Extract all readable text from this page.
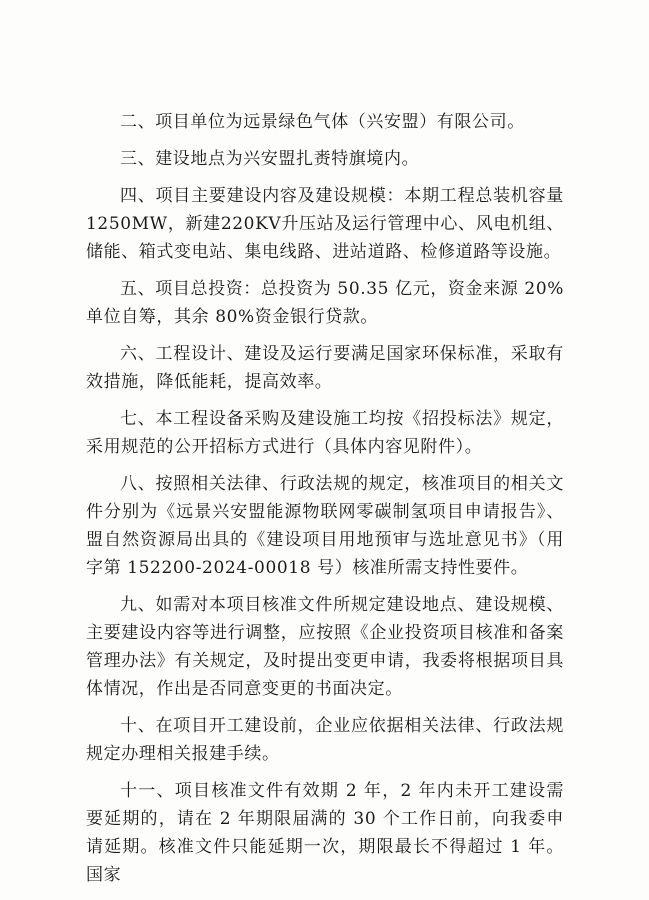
二、项目单位为远景绿色气体（兴安盟）有限公司。

三、建设地点为兴安盟扎赉特旗境内。

四、项目主要建设内容及建设规模：本期工程总装机容量1250MW，新建220KV升压站及运行管理中心、风电机组、储能、箱式变电站、集电线路、进站道路、检修道路等设施。

五、项目总投资：总投资为 50.35 亿元，资金来源 20%单位自筹，其余 80%资金银行贷款。

六、工程设计、建设及运行要满足国家环保标准，采取有效措施，降低能耗，提高效率。

七、本工程设备采购及建设施工均按《招投标法》规定，采用规范的公开招标方式进行（具体内容见附件）。

八、按照相关法律、行政法规的规定，核准项目的相关文件分别为《远景兴安盟能源物联网零碳制氢项目申请报告》、盟自然资源局出具的《建设项目用地预审与选址意见书》（用字第 152200-2024-00018 号）核准所需支持性要件。

九、如需对本项目核准文件所规定建设地点、建设规模、主要建设内容等进行调整，应按照《企业投资项目核准和备案管理办法》有关规定，及时提出变更申请，我委将根据项目具体情况，作出是否同意变更的书面决定。

十、在项目开工建设前，企业应依据相关法律、行政法规规定办理相关报建手续。

十一、项目核准文件有效期 2 年，2 年内未开工建设需要延期的，请在 2 年期限届满的 30 个工作日前，向我委申请延期。核准文件只能延期一次，期限最长不得超过 1 年。国家
